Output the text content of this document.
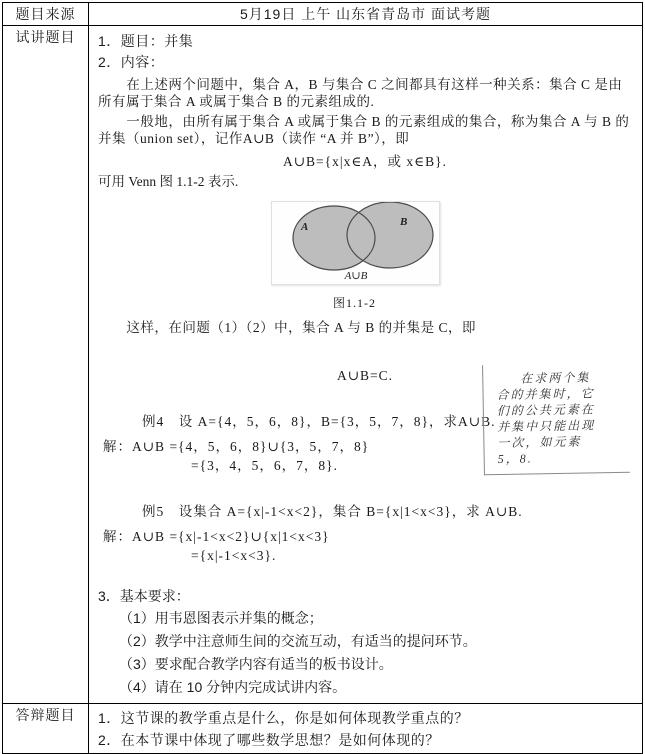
题目来源	5月19日 上午 山东省青岛市 面试考题
试讲题目	1．题目：并集
2．内容：

在上述两个问题中，集合 A，B 与集合 C 之间都具有这样一种关系：集合 C 是由所有属于集合 A 或属于集合 B 的元素组成的.

一般地，由所有属于集合 A 或属于集合 B 的元素组成的集合，称为集合 A 与 B 的并集（union set），记作A∪B（读作 “A 并 B”），即

A∪B={x|x∈A，或 x∈B}.

可用 Venn 图 1.1-2 表示.

A	B
A∪B
图1.1-2

这样，在问题（1）（2）中，集合 A 与 B 的并集是 C，即

A∪B=C.

例4　设 A={4，5，6，8}，B={3，5，7，8}，求A∪B.

解：A∪B ={4，5，6，8}∪{3，5，7，8}

={3，4，5，6，7，8}.

例5　设集合 A={x|-1<x<2}，集合 B={x|1<x<3}，求 A∪B.

解：A∪B ={x|-1<x<2}∪{x|1<x<3}

={x|-1<x<3}.

在求两个集
合的并集时，它
们的公共元素在
并集中只能出现
一次，如元素
5，8.
3．基本要求：
（1）用韦恩图表示并集的概念；
（2）教学中注意师生间的交流互动，有适当的提问环节。
（3）要求配合教学内容有适当的板书设计。
（4）请在 10 分钟内完成试讲内容。

答辩题目	1．这节课的教学重点是什么，你是如何体现教学重点的？
2．在本节课中体现了哪些数学思想？是如何体现的？
